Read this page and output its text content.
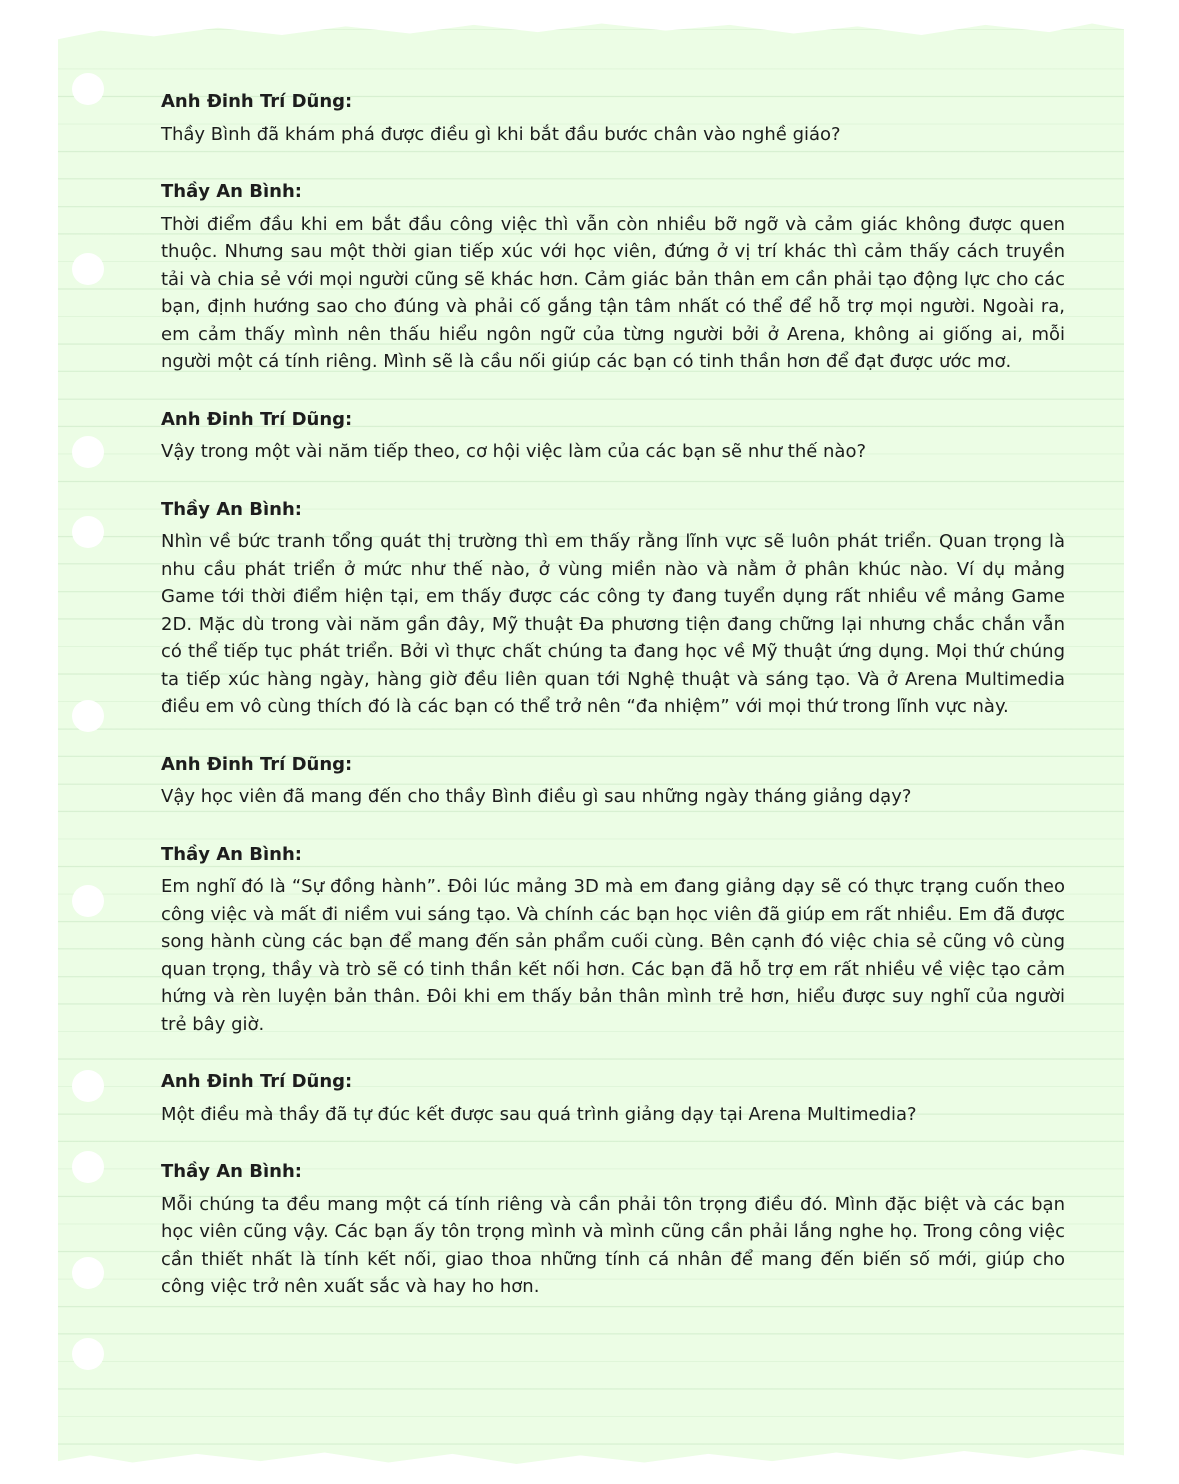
Anh Đinh Trí Dũng:

Thầy Bình đã khám phá được điều gì khi bắt đầu bước chân vào nghề giáo?

Thầy An Bình:

Thời điểm đầu khi em bắt đầu công việc thì vẫn còn nhiều bỡ ngỡ và cảm giác không được quen thuộc. Nhưng sau một thời gian tiếp xúc với học viên, đứng ở vị trí khác thì cảm thấy cách truyền tải và chia sẻ với mọi người cũng sẽ khác hơn. Cảm giác bản thân em cần phải tạo động lực cho các bạn, định hướng sao cho đúng và phải cố gắng tận tâm nhất có thể để hỗ trợ mọi người. Ngoài ra, em cảm thấy mình nên thấu hiểu ngôn ngữ của từng người bởi ở Arena, không ai giống ai, mỗi người một cá tính riêng. Mình sẽ là cầu nối giúp các bạn có tinh thần hơn để đạt được ước mơ.

Anh Đinh Trí Dũng:

Vậy trong một vài năm tiếp theo, cơ hội việc làm của các bạn sẽ như thế nào?

Thầy An Bình:

Nhìn về bức tranh tổng quát thị trường thì em thấy rằng lĩnh vực sẽ luôn phát triển. Quan trọng là nhu cầu phát triển ở mức như thế nào, ở vùng miền nào và nằm ở phân khúc nào. Ví dụ mảng Game tới thời điểm hiện tại, em thấy được các công ty đang tuyển dụng rất nhiều về mảng Game 2D. Mặc dù trong vài năm gần đây, Mỹ thuật Đa phương tiện đang chững lại nhưng chắc chắn vẫn có thể tiếp tục phát triển. Bởi vì thực chất chúng ta đang học về Mỹ thuật ứng dụng. Mọi thứ chúng ta tiếp xúc hàng ngày, hàng giờ đều liên quan tới Nghệ thuật và sáng tạo. Và ở Arena Multimedia điều em vô cùng thích đó là các bạn có thể trở nên “đa nhiệm” với mọi thứ trong lĩnh vực này.

Anh Đinh Trí Dũng:

Vậy học viên đã mang đến cho thầy Bình điều gì sau những ngày tháng giảng dạy?

Thầy An Bình:

Em nghĩ đó là “Sự đồng hành”. Đôi lúc mảng 3D mà em đang giảng dạy sẽ có thực trạng cuốn theo công việc và mất đi niềm vui sáng tạo. Và chính các bạn học viên đã giúp em rất nhiều. Em đã được song hành cùng các bạn để mang đến sản phẩm cuối cùng. Bên cạnh đó việc chia sẻ cũng vô cùng quan trọng, thầy và trò sẽ có tinh thần kết nối hơn. Các bạn đã hỗ trợ em rất nhiều về việc tạo cảm hứng và rèn luyện bản thân. Đôi khi em thấy bản thân mình trẻ hơn, hiểu được suy nghĩ của người trẻ bây giờ.

Anh Đinh Trí Dũng:

Một điều mà thầy đã tự đúc kết được sau quá trình giảng dạy tại Arena Multimedia?

Thầy An Bình:

Mỗi chúng ta đều mang một cá tính riêng và cần phải tôn trọng điều đó. Mình đặc biệt và các bạn học viên cũng vậy. Các bạn ấy tôn trọng mình và mình cũng cần phải lắng nghe họ. Trong công việc cần thiết nhất là tính kết nối, giao thoa những tính cá nhân để mang đến biến số mới, giúp cho công việc trở nên xuất sắc và hay ho hơn.
